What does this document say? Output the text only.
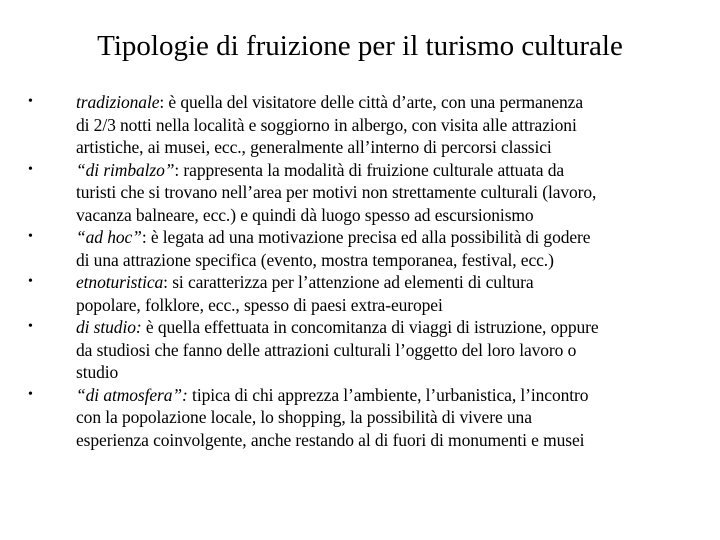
Tipologie di fruizione per il turismo culturale
• tradizionale: è quella del visitatore delle città d’arte, con una permanenza
di 2/3 notti nella località e soggiorno in albergo, con visita alle attrazioni
artistiche, ai musei, ecc., generalmente all’interno di percorsi classici
• “di rimbalzo”: rappresenta la modalità di fruizione culturale attuata da
turisti che si trovano nell’area per motivi non strettamente culturali (lavoro,
vacanza balneare, ecc.) e quindi dà luogo spesso ad escursionismo
• “ad hoc”: è legata ad una motivazione precisa ed alla possibilità di godere
di una attrazione specifica (evento, mostra temporanea, festival, ecc.)
• etnoturistica: si caratterizza per l’attenzione ad elementi di cultura
popolare, folklore, ecc., spesso di paesi extra-europei
• di studio: è quella effettuata in concomitanza di viaggi di istruzione, oppure
da studiosi che fanno delle attrazioni culturali l’oggetto del loro lavoro o
studio
• “di atmosfera”: tipica di chi apprezza l’ambiente, l’urbanistica, l’incontro
con la popolazione locale, lo shopping, la possibilità di vivere una
esperienza coinvolgente, anche restando al di fuori di monumenti e musei
